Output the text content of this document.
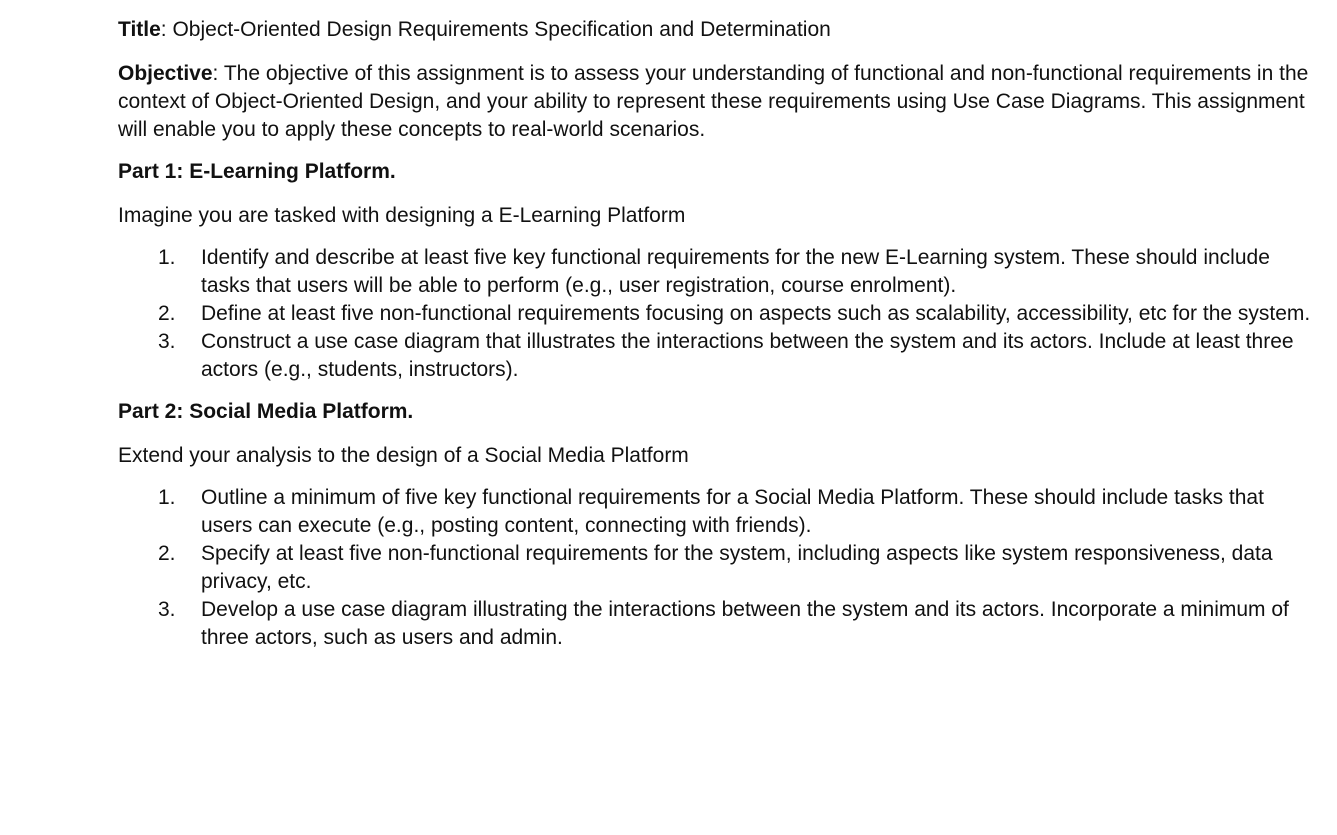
Title: Object-Oriented Design Requirements Specification and Determination

Objective: The objective of this assignment is to assess your understanding of functional and non-functional requirements in the context of Object-Oriented Design, and your ability to represent these requirements using Use Case Diagrams. This assignment will enable you to apply these concepts to real-world scenarios.

Part 1: E-Learning Platform.

Imagine you are tasked with designing a E-Learning Platform

1.	Identify and describe at least five key functional requirements for the new E-Learning system. These should include tasks that users will be able to perform (e.g., user registration, course enrolment).
2.	Define at least five non-functional requirements focusing on aspects such as scalability, accessibility, etc for the system.
3.	Construct a use case diagram that illustrates the interactions between the system and its actors. Include at least three actors (e.g., students, instructors).

Part 2: Social Media Platform.

Extend your analysis to the design of a Social Media Platform

1.	Outline a minimum of five key functional requirements for a Social Media Platform. These should include tasks that users can execute (e.g., posting content, connecting with friends).
2.	Specify at least five non-functional requirements for the system, including aspects like system responsiveness, data privacy, etc.
3.	Develop a use case diagram illustrating the interactions between the system and its actors. Incorporate a minimum of three actors, such as users and admin.
